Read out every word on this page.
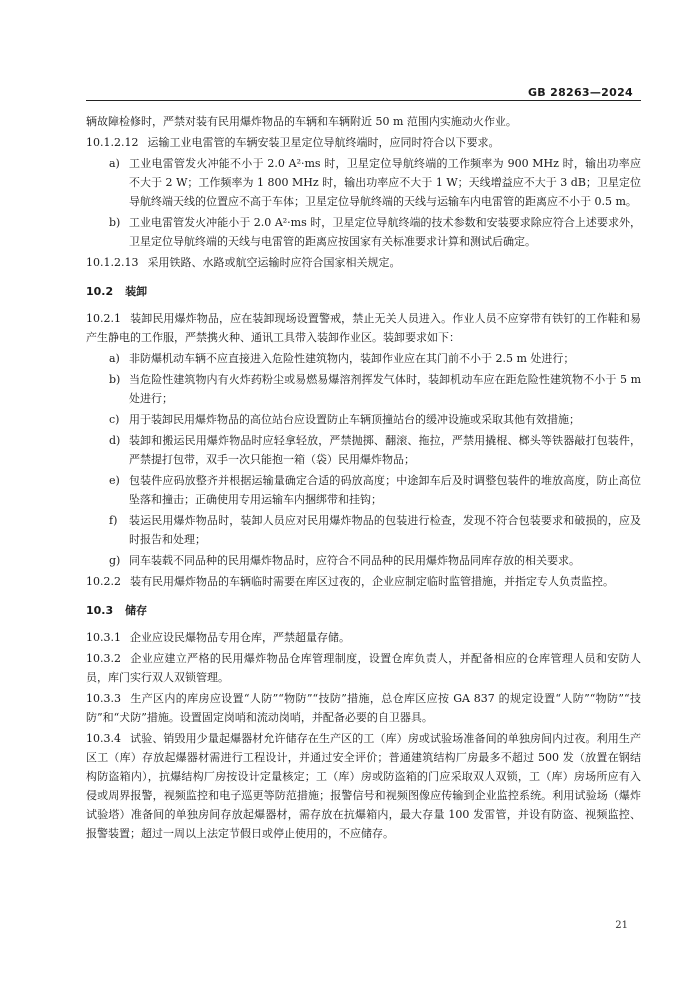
GB 28263—2024

辆故障检修时，严禁对装有民用爆炸物品的车辆和车辆附近 50 m 范围内实施动火作业。

10.1.2.12 运输工业电雷管的车辆安装卫星定位导航终端时，应同时符合以下要求。

a) 工业电雷管发火冲能不小于 2.0 A²·ms 时，卫星定位导航终端的工作频率为 900 MHz 时，输出功率应不大于 2 W；工作频率为 1 800 MHz 时，输出功率应不大于 1 W；天线增益应不大于 3 dB；卫星定位导航终端天线的位置应不高于车体；卫星定位导航终端的天线与运输车内电雷管的距离应不小于 0.5 m。
b) 工业电雷管发火冲能小于 2.0 A²·ms 时，卫星定位导航终端的技术参数和安装要求除应符合上述要求外，卫星定位导航终端的天线与电雷管的距离应按国家有关标准要求计算和测试后确定。

10.1.2.13 采用铁路、水路或航空运输时应符合国家相关规定。

10.2 装卸

10.2.1 装卸民用爆炸物品，应在装卸现场设置警戒，禁止无关人员进入。作业人员不应穿带有铁钉的工作鞋和易产生静电的工作服，严禁携火种、通讯工具带入装卸作业区。装卸要求如下：

a) 非防爆机动车辆不应直接进入危险性建筑物内，装卸作业应在其门前不小于 2.5 m 处进行；
b) 当危险性建筑物内有火炸药粉尘或易燃易爆溶剂挥发气体时，装卸机动车应在距危险性建筑物不小于 5 m 处进行；
c) 用于装卸民用爆炸物品的高位站台应设置防止车辆顶撞站台的缓冲设施或采取其他有效措施；
d) 装卸和搬运民用爆炸物品时应轻拿轻放，严禁抛掷、翻滚、拖拉，严禁用撬棍、榔头等铁器敲打包装件，严禁提打包带，双手一次只能抱一箱（袋）民用爆炸物品；
e) 包装件应码放整齐并根据运输量确定合适的码放高度；中途卸车后及时调整包装件的堆放高度，防止高位坠落和撞击；正确使用专用运输车内捆绑带和挂钩；
f)	装运民用爆炸物品时，装卸人员应对民用爆炸物品的包装进行检查，发现不符合包装要求和破损的，应及时报告和处理；
g) 同车装载不同品种的民用爆炸物品时，应符合不同品种的民用爆炸物品同库存放的相关要求。

10.2.2 装有民用爆炸物品的车辆临时需要在库区过夜的，企业应制定临时监管措施，并指定专人负责监控。

10.3 储存

10.3.1 企业应设民爆物品专用仓库，严禁超量存储。

10.3.2 企业应建立严格的民用爆炸物品仓库管理制度，设置仓库负责人，并配备相应的仓库管理人员和安防人员，库门实行双人双锁管理。

10.3.3 生产区内的库房应设置“人防”“物防”“技防”措施，总仓库区应按 GA 837 的规定设置“人防”“物防”“技防”和“犬防”措施。设置固定岗哨和流动岗哨，并配备必要的自卫器具。

10.3.4 试验、销毁用少量起爆器材允许储存在生产区的工（库）房或试验场准备间的单独房间内过夜。利用生产区工（库）存放起爆器材需进行工程设计，并通过安全评价；普通建筑结构厂房最多不超过 500 发（放置在钢结构防盗箱内），抗爆结构厂房按设计定量核定；工（库）房或防盗箱的门应采取双人双锁，工（库）房场所应有入侵或周界报警，视频监控和电子巡更等防范措施；报警信号和视频图像应传输到企业监控系统。利用试验场（爆炸试验塔）准备间的单独房间存放起爆器材，需存放在抗爆箱内，最大存量 100 发雷管，并设有防盗、视频监控、报警装置；超过一周以上法定节假日或停止使用的，不应储存。

21
